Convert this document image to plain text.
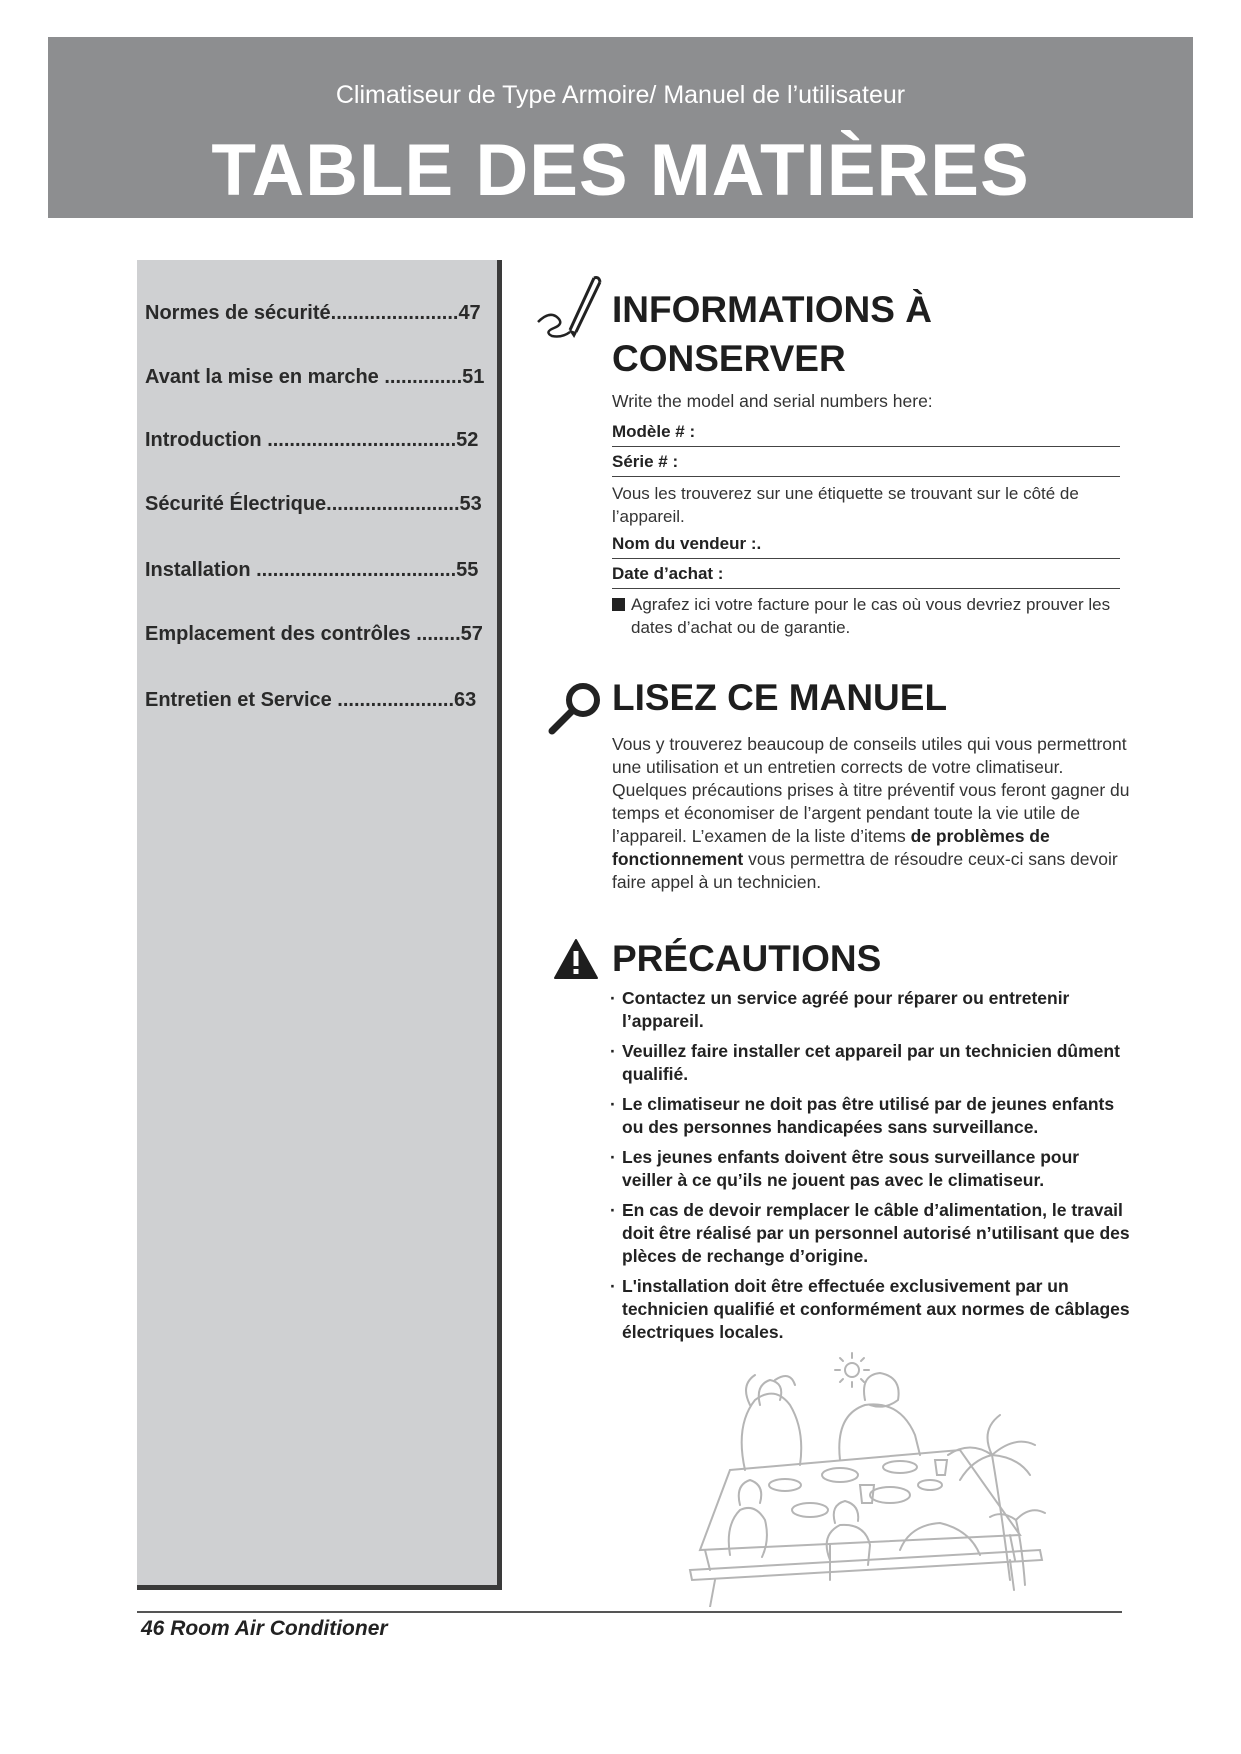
Climatiseur de Type Armoire/ Manuel de l’utilisateur
TABLE DES MATIÈRES
Normes de sécurité.......................47
Avant la mise en marche ..............51
Introduction ..................................52
Sécurité Électrique........................53
Installation ....................................55
Emplacement des contrôles ........57
Entretien et Service .....................63
INFORMATIONS À
CONSERVER
Write the model and serial numbers here:
Modèle # :
Série # :
Vous les trouverez sur une étiquette se trouvant sur le côté de l’appareil.
Nom du vendeur :.
Date d’achat :
Agrafez ici votre facture pour le cas où vous devriez prouver les dates d’achat ou de garantie.
LISEZ CE MANUEL
Vous y trouverez beaucoup de conseils utiles qui vous permettront une utilisation et un entretien corrects de votre climatiseur. Quelques précautions prises à titre préventif vous feront gagner du temps et économiser de l’argent pendant toute la vie utile de l’appareil. L’examen de la liste d’items de problèmes de fonctionnement vous permettra de résoudre ceux-ci sans devoir faire appel à un technicien.
PRÉCAUTIONS
· Contactez un service agréé pour réparer ou entretenir l’appareil.
· Veuillez faire installer cet appareil par un technicien dûment qualifié.
· Le climatiseur ne doit pas être utilisé par de jeunes enfants ou des personnes handicapées sans surveillance.
· Les jeunes enfants doivent être sous surveillance pour veiller à ce qu’ils ne jouent pas avec le climatiseur.
· En cas de devoir remplacer le câble d’alimentation, le travail doit être réalisé par un personnel autorisé n’utilisant que des plèces de rechange d’origine.
· L'installation doit être effectuée exclusivement par un technicien qualifié et conformément aux normes de câblages électriques locales.
46 Room Air Conditioner
